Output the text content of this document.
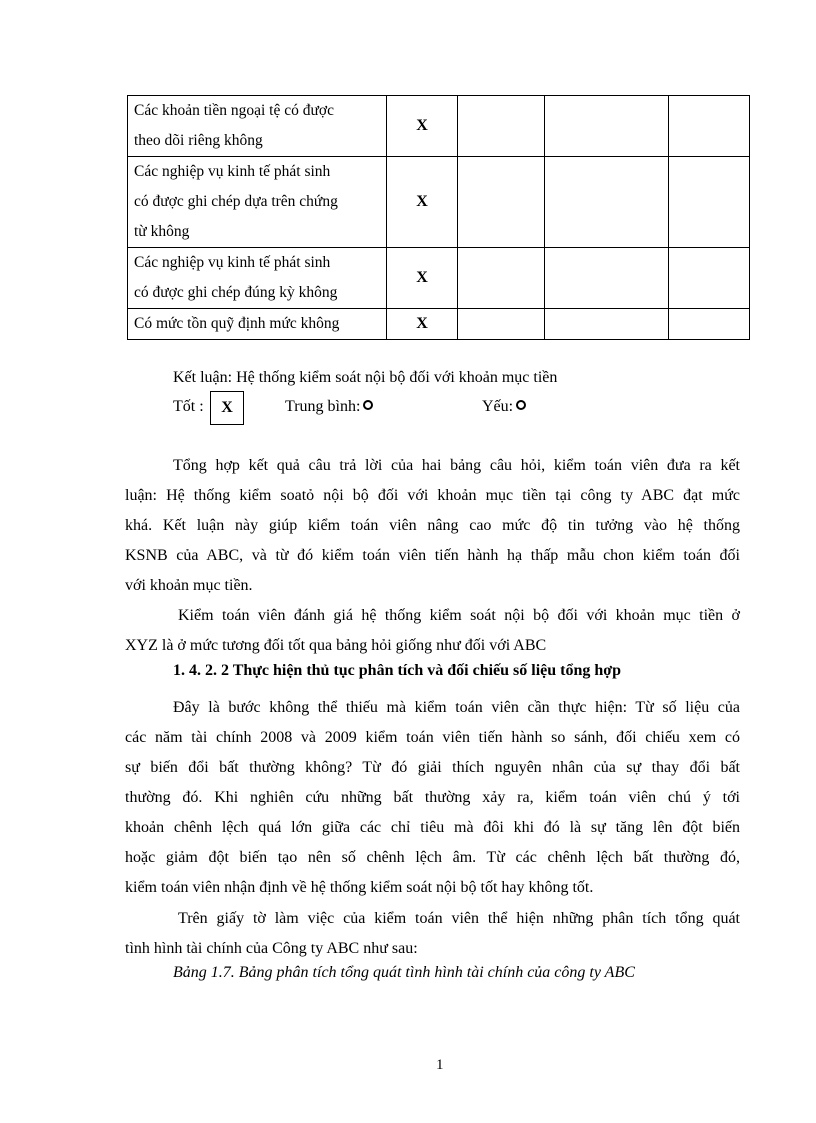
Các khoản tiền ngoại tệ có được
theo dõi riêng không	X			

Các nghiệp vụ kinh tế phát sinh
có được ghi chép dựa trên chứng
từ không	X			

Các nghiệp vụ kinh tế phát sinh
có được ghi chép đúng kỳ không	X			

Có mức tồn quỹ định mức không	X			
Kết luận: Hệ thống kiểm soát nội bộ đối với khoản mục tiền
Tốt :	X	Trung bình:	Yếu:
Tổng hợp kết quả câu trả lời của hai bảng câu hỏi, kiểm toán viên đưa ra kết
luận: Hệ thống kiểm soatỏ nội bộ đối với khoản mục tiền tại công ty ABC đạt mức
khá. Kết luận này giúp kiểm toán viên nâng cao mức độ tin tưởng vào hệ thống
KSNB của ABC, và từ đó kiểm toán viên tiến hành hạ thấp mẫu chon kiểm toán đối
với khoản mục tiền.
Kiểm toán viên đánh giá hệ thống kiểm soát nội bộ đối với khoản mục tiền ở
XYZ là ở mức tương đối tốt qua bảng hỏi giống như đối với ABC
1. 4. 2. 2 Thực hiện thủ tục phân tích và đối chiếu số liệu tổng hợp
Đây là bước không thể thiếu mà kiểm toán viên cần thực hiện: Từ số liệu của
các năm tài chính 2008 và 2009 kiểm toán viên tiến hành so sánh, đối chiếu xem có
sự biến đổi bất thường không? Từ đó giải thích nguyên nhân của sự thay đổi bất
thường đó. Khi nghiên cứu những bất thường xảy ra, kiểm toán viên chú ý tới
khoản chênh lệch quá lớn giữa các chỉ tiêu mà đôi khi đó là sự tăng lên đột biến
hoặc giảm đột biến tạo nên số chênh lệch âm. Từ các chênh lệch bất thường đó,
kiểm toán viên nhận định về hệ thống kiểm soát nội bộ tốt hay không tốt.
Trên giấy tờ làm việc của kiểm toán viên thể hiện những phân tích tổng quát
tình hình tài chính của Công ty ABC như sau:
Bảng 1.7. Bảng phân tích tổng quát tình hình tài chính của công ty ABC
1
